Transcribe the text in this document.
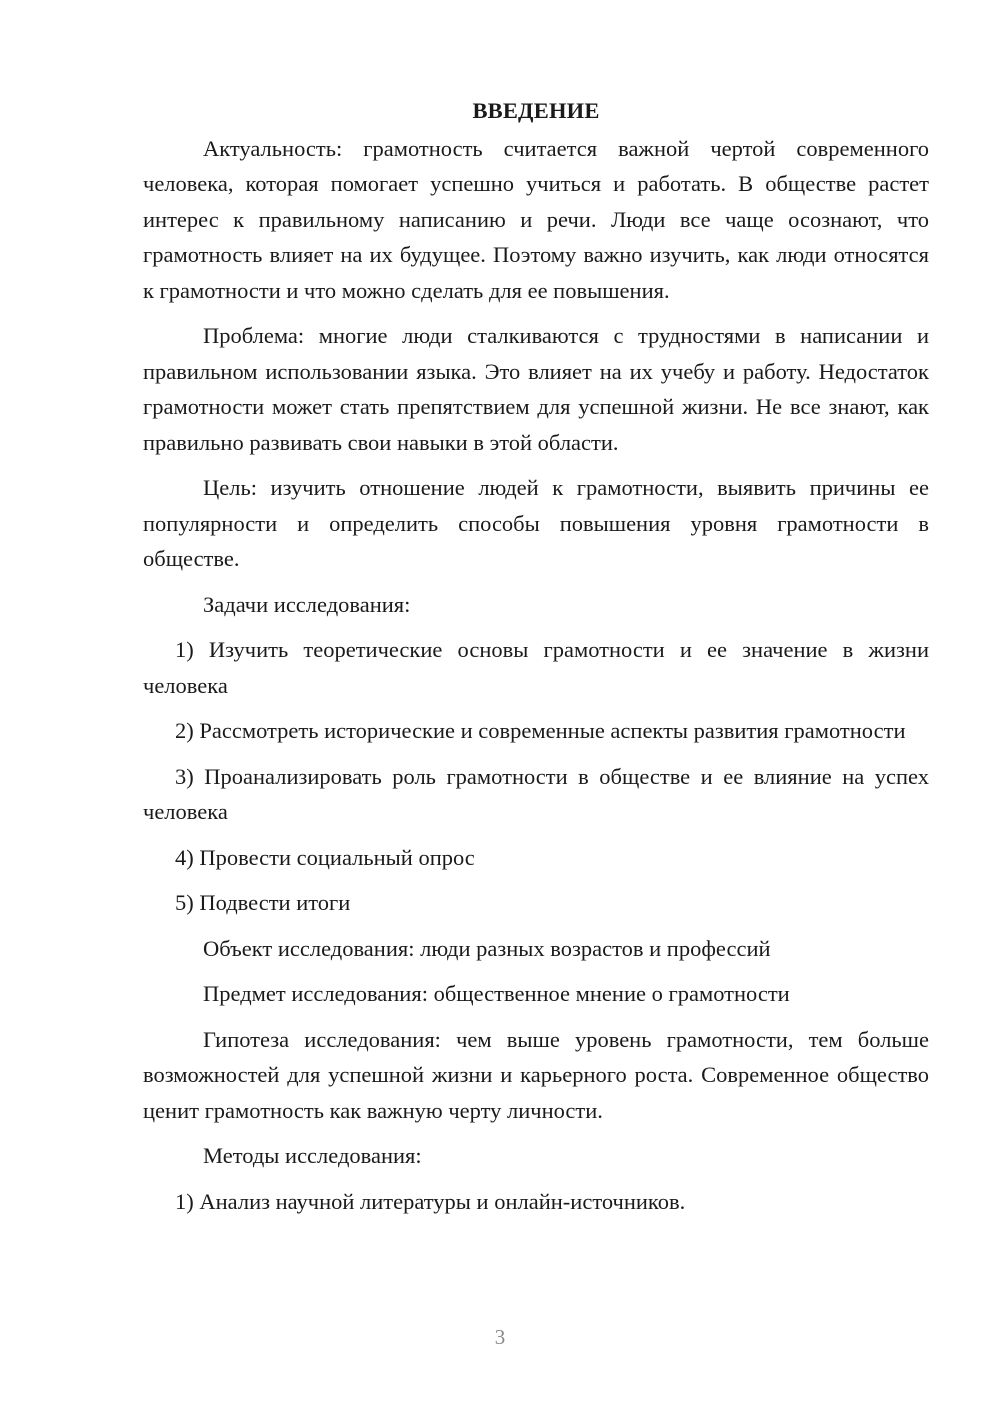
ВВЕДЕНИЕ

Актуальность: грамотность считается важной чертой современного человека, которая помогает успешно учиться и работать. В обществе растет интерес к правильному написанию и речи. Люди все чаще осознают, что грамотность влияет на их будущее. Поэтому важно изучить, как люди относятся к грамотности и что можно сделать для ее повышения.

Проблема: многие люди сталкиваются с трудностями в написании и правильном использовании языка. Это влияет на их учебу и работу. Недостаток грамотности может стать препятствием для успешной жизни. Не все знают, как правильно развивать свои навыки в этой области.

Цель: изучить отношение людей к грамотности, выявить причины ее популярности и определить способы повышения уровня грамотности в обществе.

Задачи исследования:

1) Изучить теоретические основы грамотности и ее значение в жизни человека

2) Рассмотреть исторические и современные аспекты развития грамотности

3) Проанализировать роль грамотности в обществе и ее влияние на успех человека

4) Провести социальный опрос

5) Подвести итоги

Объект исследования: люди разных возрастов и профессий

Предмет исследования: общественное мнение о грамотности

Гипотеза исследования: чем выше уровень грамотности, тем больше возможностей для успешной жизни и карьерного роста. Современное общество ценит грамотность как важную черту личности.

Методы исследования:

1) Анализ научной литературы и онлайн-источников.

3
